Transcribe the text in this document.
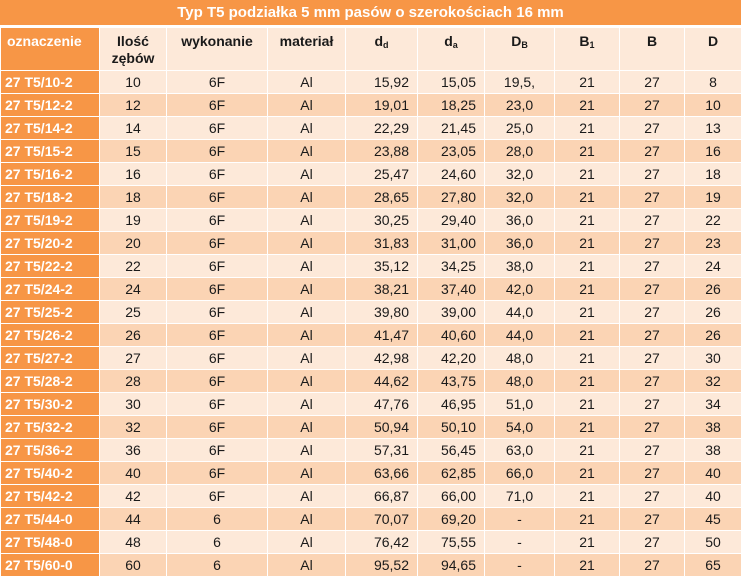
Typ T5 podziałka 5 mm pasów o szerokościach 16 mm
oznaczenie	Ilość zębów	wykonanie	materiał	$d_d$	$d_a$	$D_B$	$B_1$	B	D
27 T5/10-2	10	6F	Al	15,92	15,05	19,5,	21	27	8
27 T5/12-2	12	6F	Al	19,01	18,25	23,0	21	27	10
27 T5/14-2	14	6F	Al	22,29	21,45	25,0	21	27	13
27 T5/15-2	15	6F	Al	23,88	23,05	28,0	21	27	16
27 T5/16-2	16	6F	Al	25,47	24,60	32,0	21	27	18
27 T5/18-2	18	6F	Al	28,65	27,80	32,0	21	27	19
27 T5/19-2	19	6F	Al	30,25	29,40	36,0	21	27	22
27 T5/20-2	20	6F	Al	31,83	31,00	36,0	21	27	23
27 T5/22-2	22	6F	Al	35,12	34,25	38,0	21	27	24
27 T5/24-2	24	6F	Al	38,21	37,40	42,0	21	27	26
27 T5/25-2	25	6F	Al	39,80	39,00	44,0	21	27	26
27 T5/26-2	26	6F	Al	41,47	40,60	44,0	21	27	26
27 T5/27-2	27	6F	Al	42,98	42,20	48,0	21	27	30
27 T5/28-2	28	6F	Al	44,62	43,75	48,0	21	27	32
27 T5/30-2	30	6F	Al	47,76	46,95	51,0	21	27	34
27 T5/32-2	32	6F	Al	50,94	50,10	54,0	21	27	38
27 T5/36-2	36	6F	Al	57,31	56,45	63,0	21	27	38
27 T5/40-2	40	6F	Al	63,66	62,85	66,0	21	27	40
27 T5/42-2	42	6F	Al	66,87	66,00	71,0	21	27	40
27 T5/44-0	44	6	Al	70,07	69,20	-	21	27	45
27 T5/48-0	48	6	Al	76,42	75,55	-	21	27	50
27 T5/60-0	60	6	Al	95,52	94,65	-	21	27	65
